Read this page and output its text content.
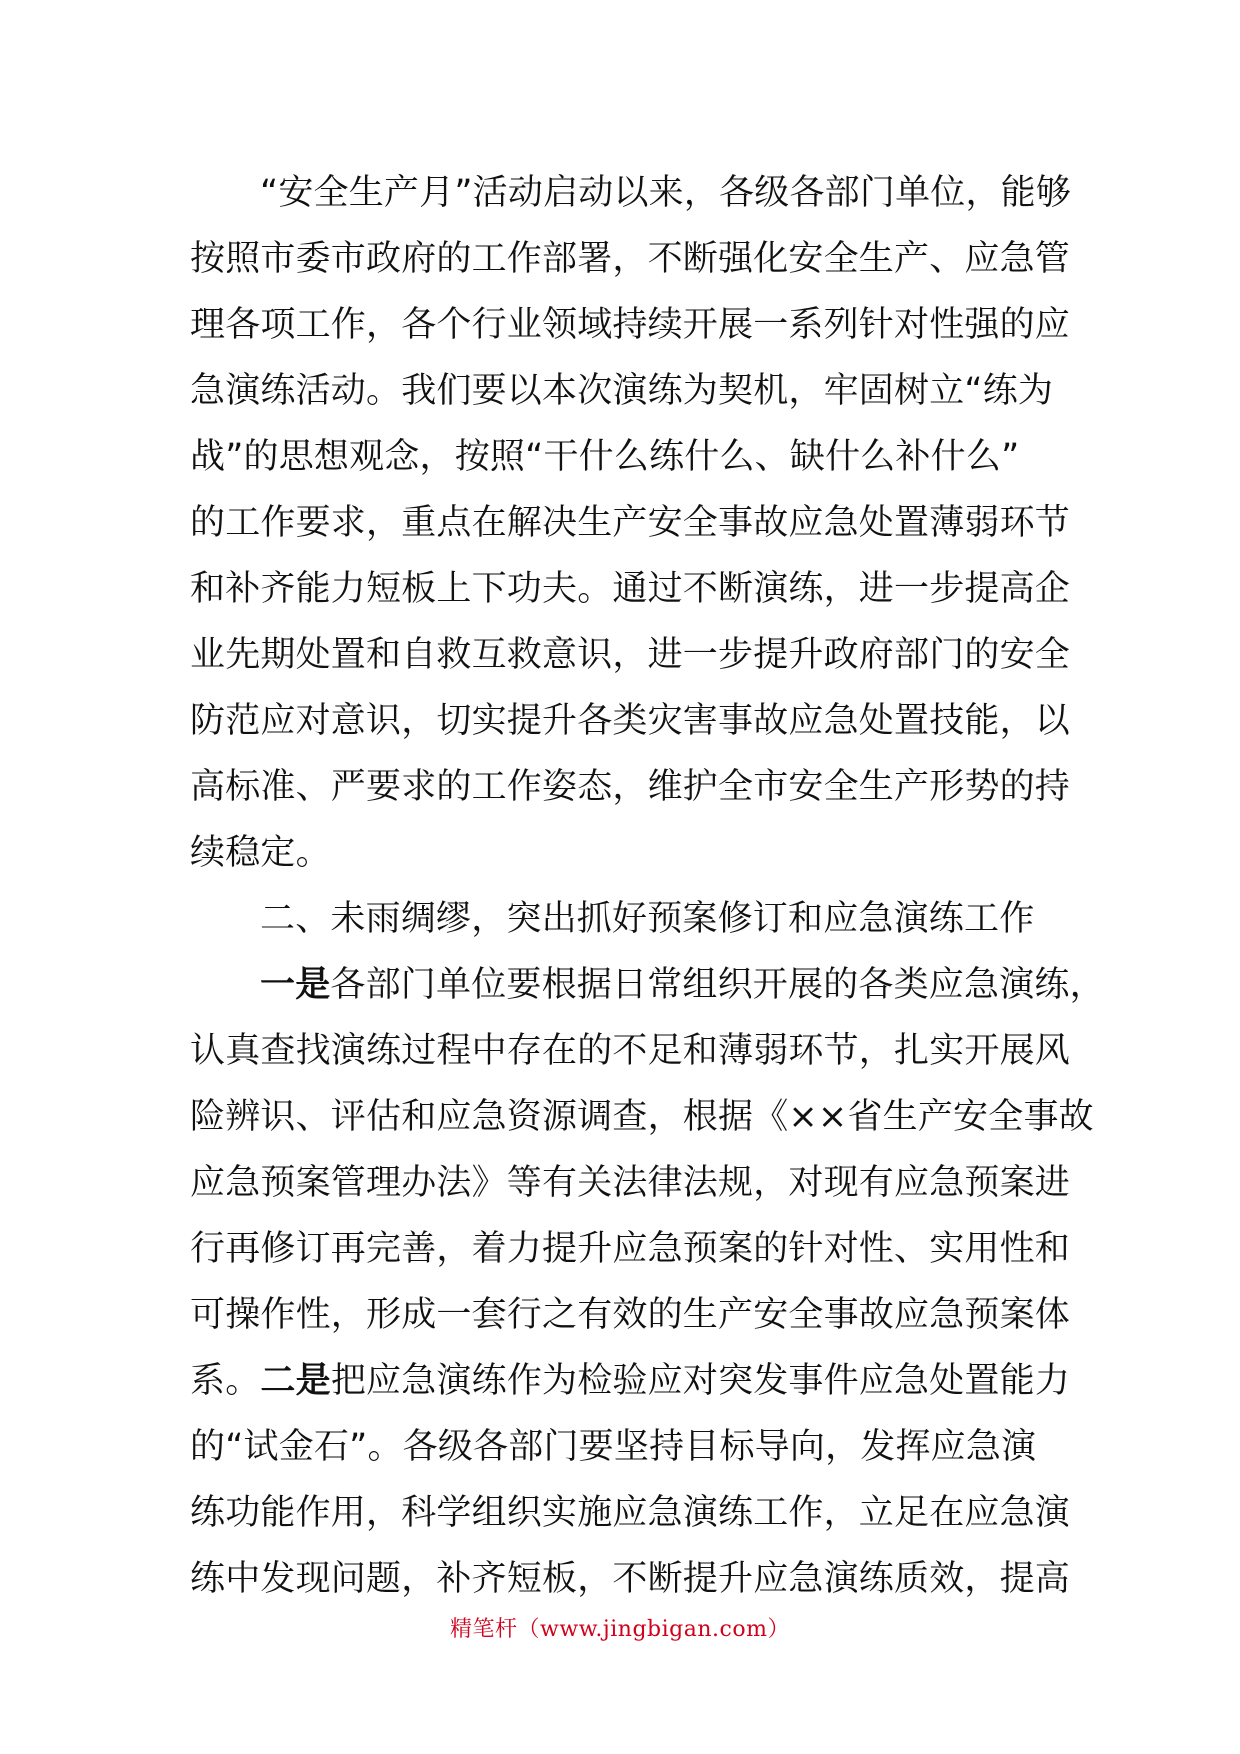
“安全生产月”活动启动以来，各级各部门单位，能够
按照市委市政府的工作部署，不断强化安全生产、应急管
理各项工作，各个行业领域持续开展一系列针对性强的应
急演练活动。我们要以本次演练为契机，牢固树立“练为
战”的思想观念，按照“干什么练什么、缺什么补什么”
的工作要求，重点在解决生产安全事故应急处置薄弱环节
和补齐能力短板上下功夫。通过不断演练，进一步提高企
业先期处置和自救互救意识，进一步提升政府部门的安全
防范应对意识，切实提升各类灾害事故应急处置技能，以
高标准、严要求的工作姿态，维护全市安全生产形势的持
续稳定。
二、未雨绸缪，突出抓好预案修订和应急演练工作
一是各部门单位要根据日常组织开展的各类应急演练，
认真查找演练过程中存在的不足和薄弱环节，扎实开展风
险辨识、评估和应急资源调查，根据《××省生产安全事故
应急预案管理办法》等有关法律法规，对现有应急预案进
行再修订再完善，着力提升应急预案的针对性、实用性和
可操作性，形成一套行之有效的生产安全事故应急预案体
系。二是把应急演练作为检验应对突发事件应急处置能力
的“试金石”。各级各部门要坚持目标导向，发挥应急演
练功能作用，科学组织实施应急演练工作，立足在应急演
练中发现问题，补齐短板，不断提升应急演练质效，提高
精笔杆（www.jingbigan.com）
